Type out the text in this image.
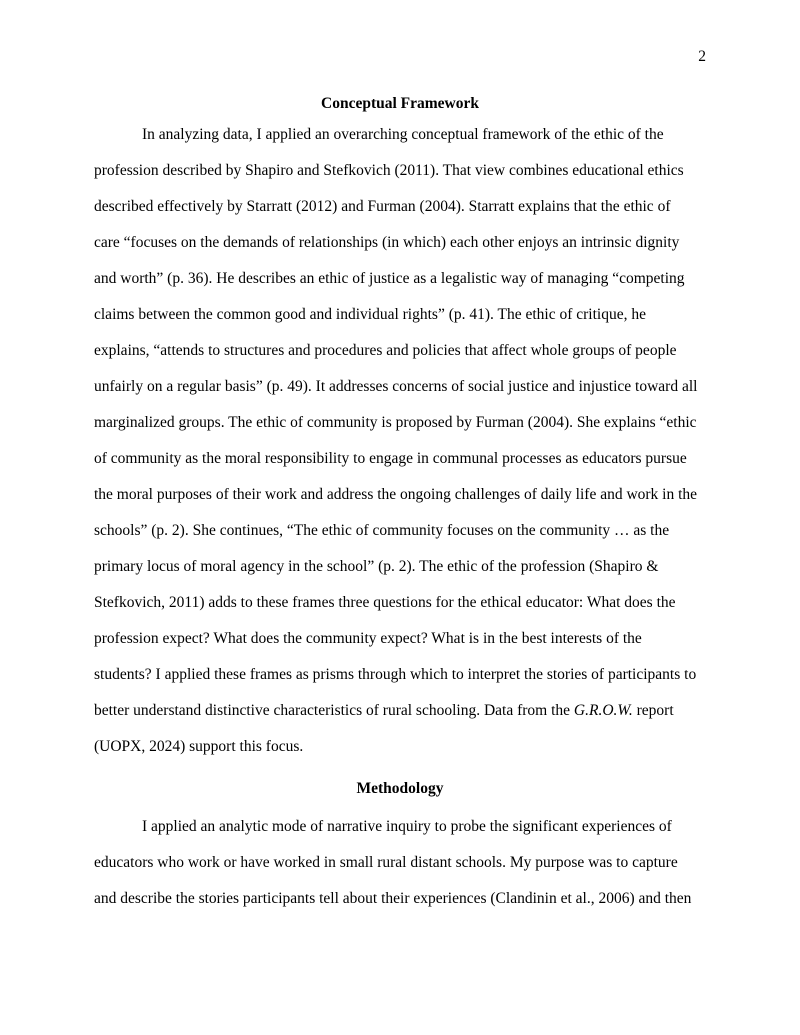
2
Conceptual Framework
In analyzing data, I applied an overarching conceptual framework of the ethic of the
profession described by Shapiro and Stefkovich (2011). That view combines educational ethics
described effectively by Starratt (2012) and Furman (2004). Starratt explains that the ethic of
care “focuses on the demands of relationships (in which) each other enjoys an intrinsic dignity
and worth” (p. 36). He describes an ethic of justice as a legalistic way of managing “competing
claims between the common good and individual rights” (p. 41). The ethic of critique, he
explains, “attends to structures and procedures and policies that affect whole groups of people
unfairly on a regular basis” (p. 49). It addresses concerns of social justice and injustice toward all
marginalized groups. The ethic of community is proposed by Furman (2004). She explains “ethic
of community as the moral responsibility to engage in communal processes as educators pursue
the moral purposes of their work and address the ongoing challenges of daily life and work in the
schools” (p. 2). She continues, “The ethic of community focuses on the community … as the
primary locus of moral agency in the school” (p. 2). The ethic of the profession (Shapiro &
Stefkovich, 2011) adds to these frames three questions for the ethical educator: What does the
profession expect? What does the community expect? What is in the best interests of the
students? I applied these frames as prisms through which to interpret the stories of participants to
better understand distinctive characteristics of rural schooling. Data from the G.R.O.W. report
(UOPX, 2024) support this focus.
Methodology
I applied an analytic mode of narrative inquiry to probe the significant experiences of
educators who work or have worked in small rural distant schools. My purpose was to capture
and describe the stories participants tell about their experiences (Clandinin et al., 2006) and then
